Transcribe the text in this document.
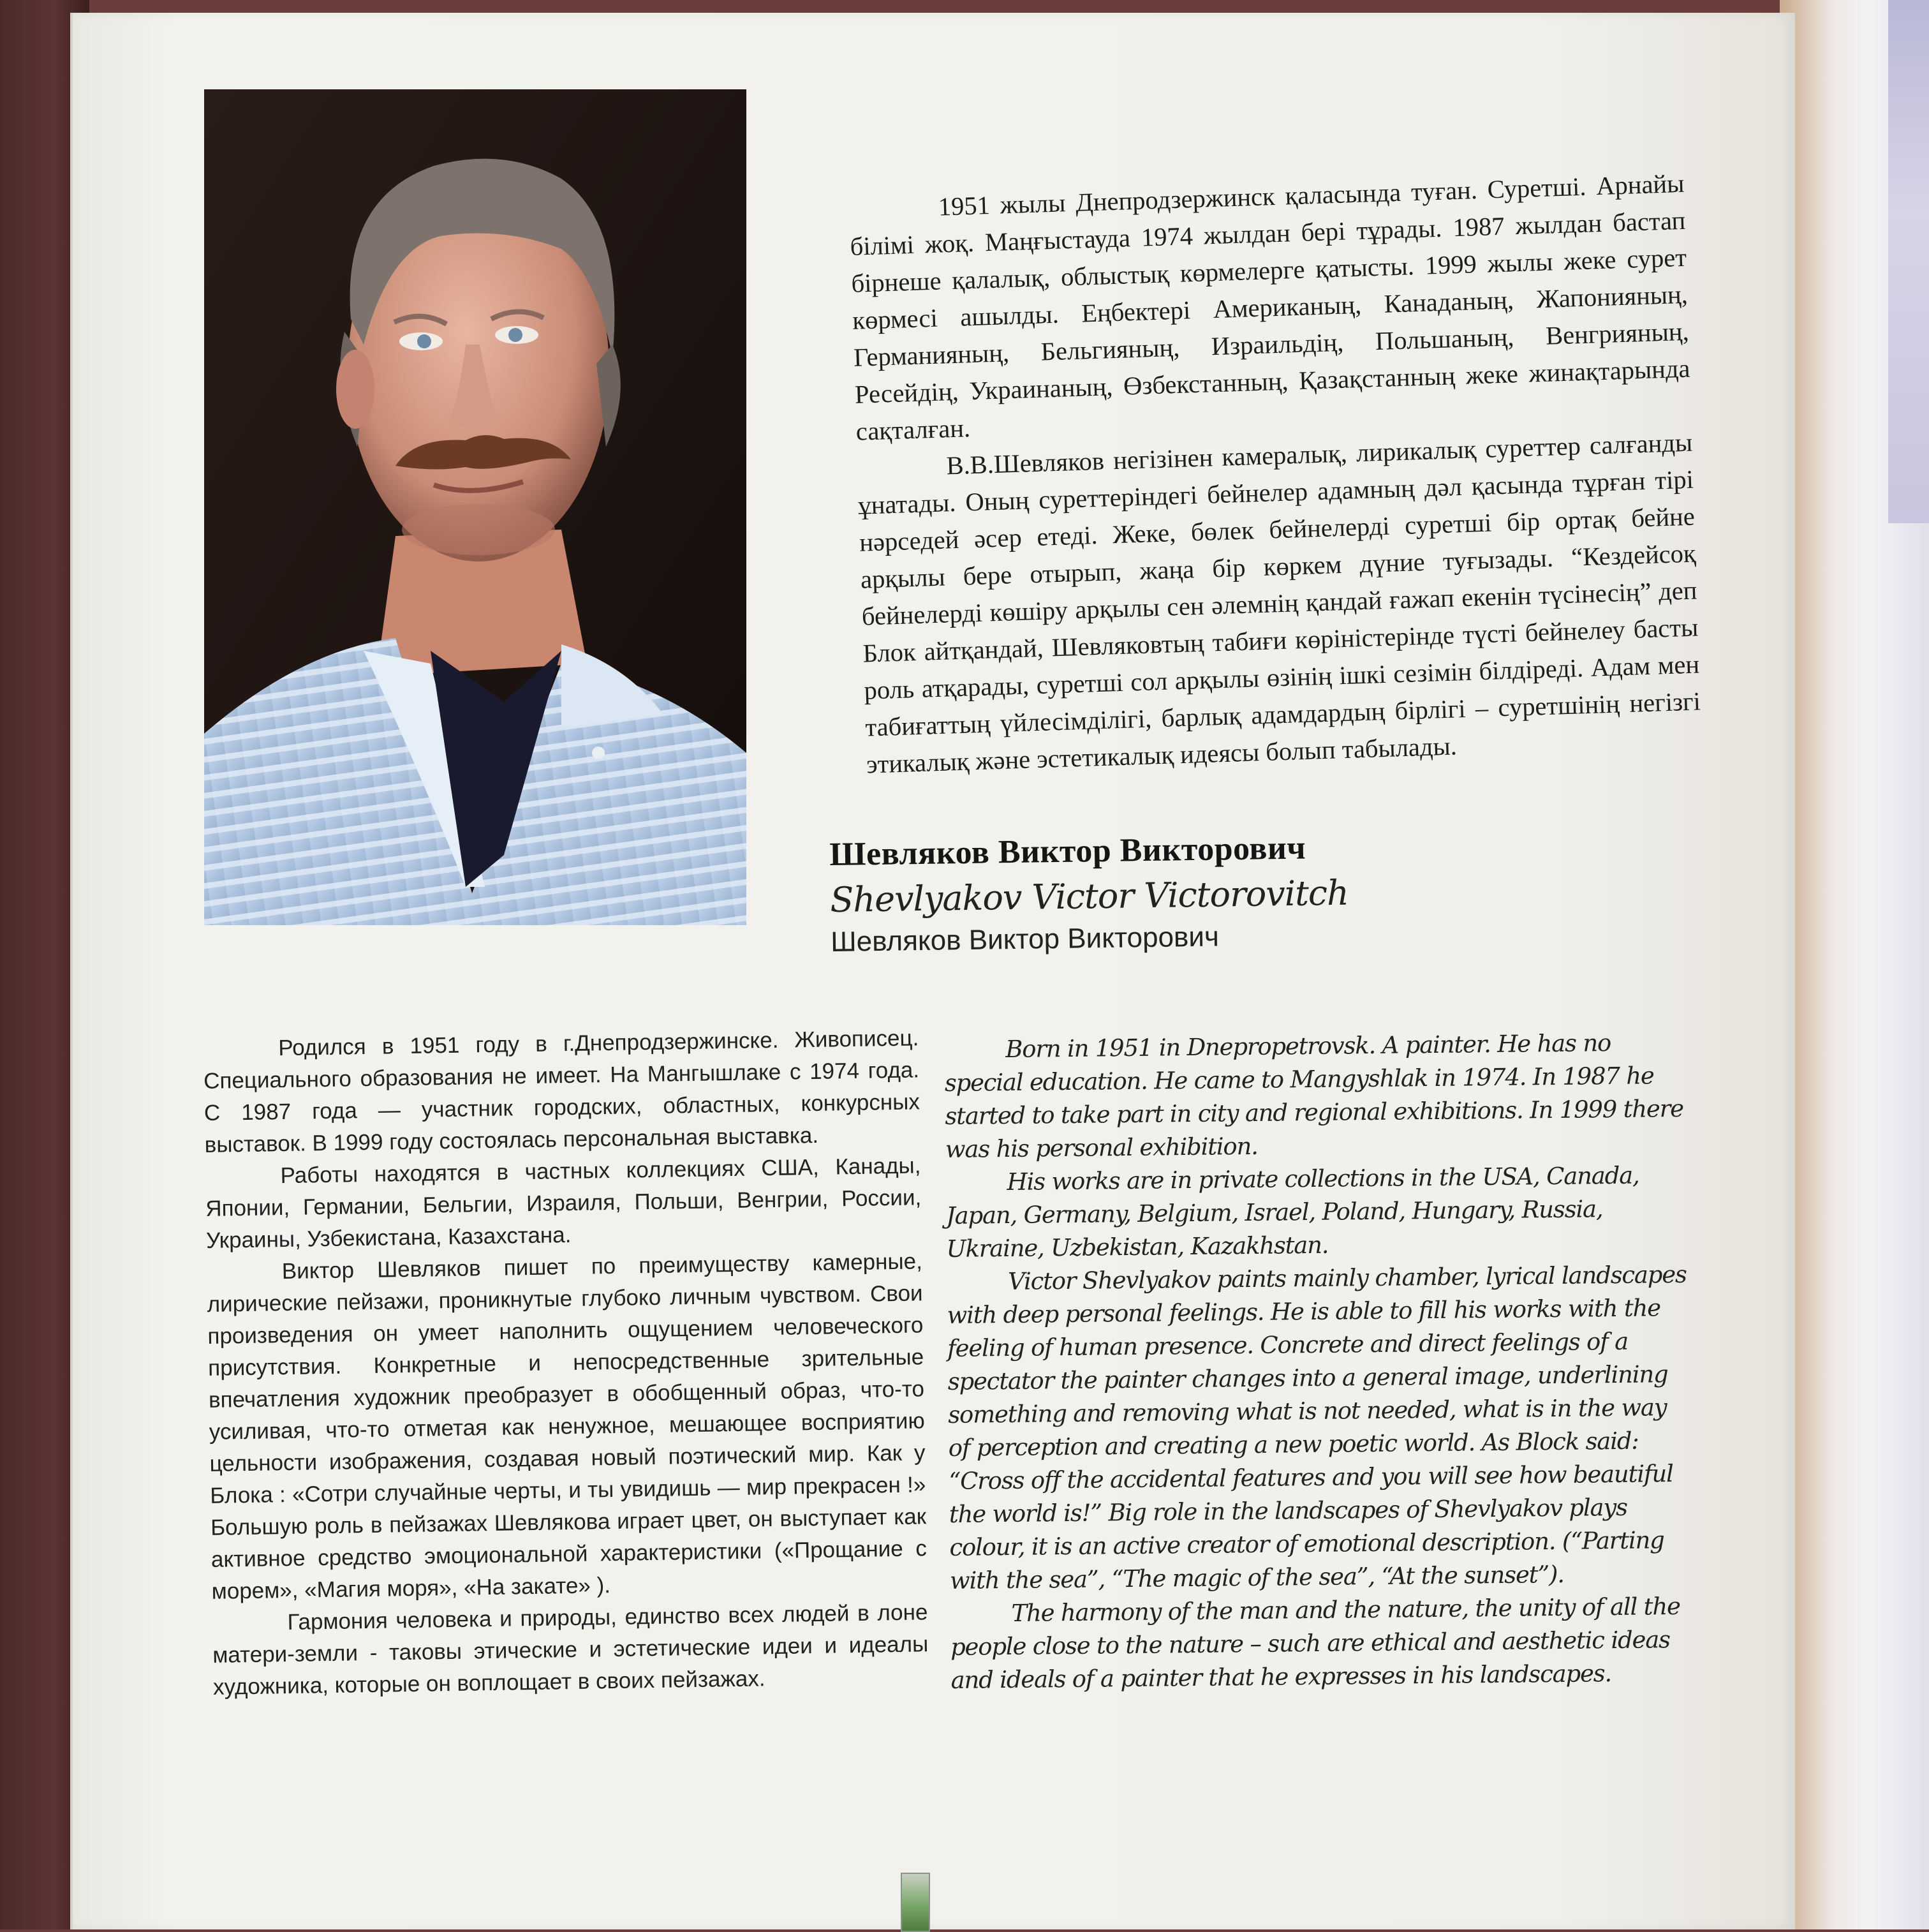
1951 жылы Днепродзержинск қаласында туған. Суретші. Арнайы білімі жоқ. Маңғыстауда 1974 жылдан бері тұрады. 1987 жылдан бастап бірнеше қалалық, облыстық көрмелерге қатысты. 1999 жылы жеке сурет көрмесі ашылды. Еңбектері Американың, Канаданың, Жапонияның, Германияның, Бельгияның, Израильдің, Польшаның, Венгрияның, Ресейдің, Украинаның, Өзбекстанның, Қазақстанның жеке жинақтарында сақталған.

В.В.Шевляков негізінен камералық, лирикалық суреттер салғанды ұнатады. Оның суреттеріндегі бейнелер адамның дәл қасында тұрған тірі нәрседей әсер етеді. Жеке, бөлек бейнелерді суретші бір ортақ бейне арқылы бере отырып, жаңа бір көркем дүние туғызады. “Кездейсоқ бейнелерді көшіру арқылы сен әлемнің қандай ғажап екенін түсінесің” деп Блок айтқандай, Шевляковтың табиғи көріністерінде түсті бейнелеу басты роль атқарады, суретші сол арқылы өзінің ішкі сезімін білдіреді. Адам мен табиғаттың үйлесімділігі, барлық адамдардың бірлігі – суретшінің негізгі этикалық және эстетикалық идеясы болып табылады.

Шевляков Виктор Викторович
Shevlyakov Victor Victorovitch
Шевляков Виктор Викторович

Родился в 1951 году в г.Днепродзержинске. Живописец. Специального образования не имеет. На Мангышлаке с 1974 года. С 1987 года — участник городских, областных, конкурсных выставок. В 1999 году состоялась персональная выставка.

Работы находятся в частных коллекциях США, Канады, Японии, Германии, Бельгии, Израиля, Польши, Венгрии, России, Украины, Узбекистана, Казахстана.

Виктор Шевляков пишет по преимуществу камерные, лирические пейзажи, проникнутые глубоко личным чувством. Свои произведения он умеет наполнить ощущением человеческого присутствия. Конкретные и непосредственные зрительные впечатления художник преобразует в обобщенный образ, что-то усиливая, что-то отметая как ненужное, мешающее восприятию цельности изображения, создавая новый поэтический мир. Как у Блока : «Сотри случайные черты, и ты увидишь — мир прекрасен !» Большую роль в пейзажах Шевлякова играет цвет, он выступает как активное средство эмоциональной характеристики («Прощание с морем», «Магия моря», «На закате» ).

Гармония человека и природы, единство всех людей в лоне матери-земли - таковы этические и эстетические идеи и идеалы художника, которые он воплощает в своих пейзажах.

Born in 1951 in Dnepropetrovsk. A painter. He has no special education. He came to Mangyshlak in 1974. In 1987 he started to take part in city and regional exhibitions. In 1999 there was his personal exhibition.

His works are in private collections in the USA, Canada, Japan, Germany, Belgium, Israel, Poland, Hungary, Russia, Ukraine, Uzbekistan, Kazakhstan.

Victor Shevlyakov paints mainly chamber, lyrical landscapes with deep personal feelings. He is able to fill his works with the feeling of human presence. Concrete and direct feelings of a spectator the painter changes into a general image, underlining something and removing what is not needed, what is in the way of perception and creating a new poetic world. As Block said: “Cross off the accidental features and you will see how beautiful the world is!” Big role in the landscapes of Shevlyakov plays colour, it is an active creator of emotional description. (“Parting with the sea”, “The magic of the sea”, “At the sunset”).

The harmony of the man and the nature, the unity of all the people close to the nature – such are ethical and aesthetic ideas and ideals of a painter that he expresses in his landscapes.
